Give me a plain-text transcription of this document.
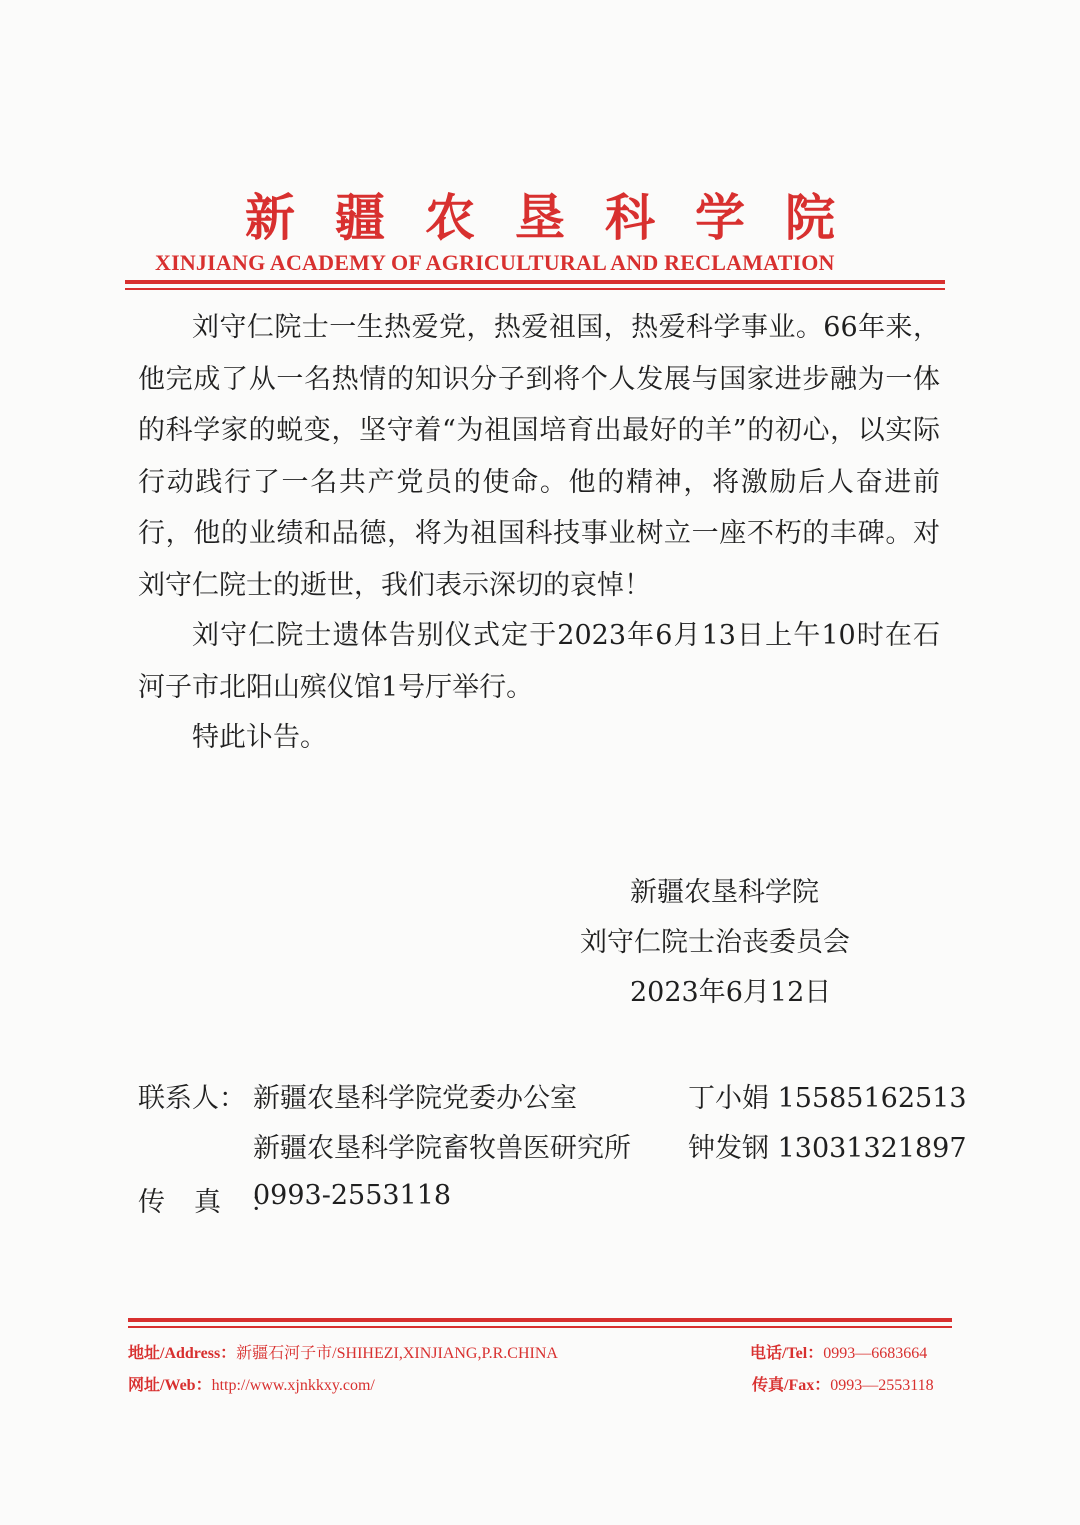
新疆农垦科学院
XINJIANG ACADEMY OF AGRICULTURAL AND RECLAMATION

刘守仁院士一生热爱党，热爱祖国，热爱科学事业。66年来，他完成了从一名热情的知识分子到将个人发展与国家进步融为一体的科学家的蜕变，坚守着“为祖国培育出最好的羊”的初心，以实际行动践行了一名共产党员的使命。他的精神，将激励后人奋进前行，他的业绩和品德，将为祖国科技事业树立一座不朽的丰碑。对刘守仁院士的逝世，我们表示深切的哀悼！

刘守仁院士遗体告别仪式定于2023年6月13日上午10时在石河子市北阳山殡仪馆1号厅举行。

特此讣告。

新疆农垦科学院
刘守仁院士治丧委员会
2023年6月12日
联系人： 新疆农垦科学院党委办公室	丁小娟 15585162513
新疆农垦科学院畜牧兽医研究所 钟发钢 13031321897
传真：
0993-2553118
地址/Address：新疆石河子市/SHIHEZI,XINJIANG,P.R.CHINA	电话/Tel：0993—6683664
网址/Web：http://www.xjnkkxy.com/	传真/Fax：0993—2553118
